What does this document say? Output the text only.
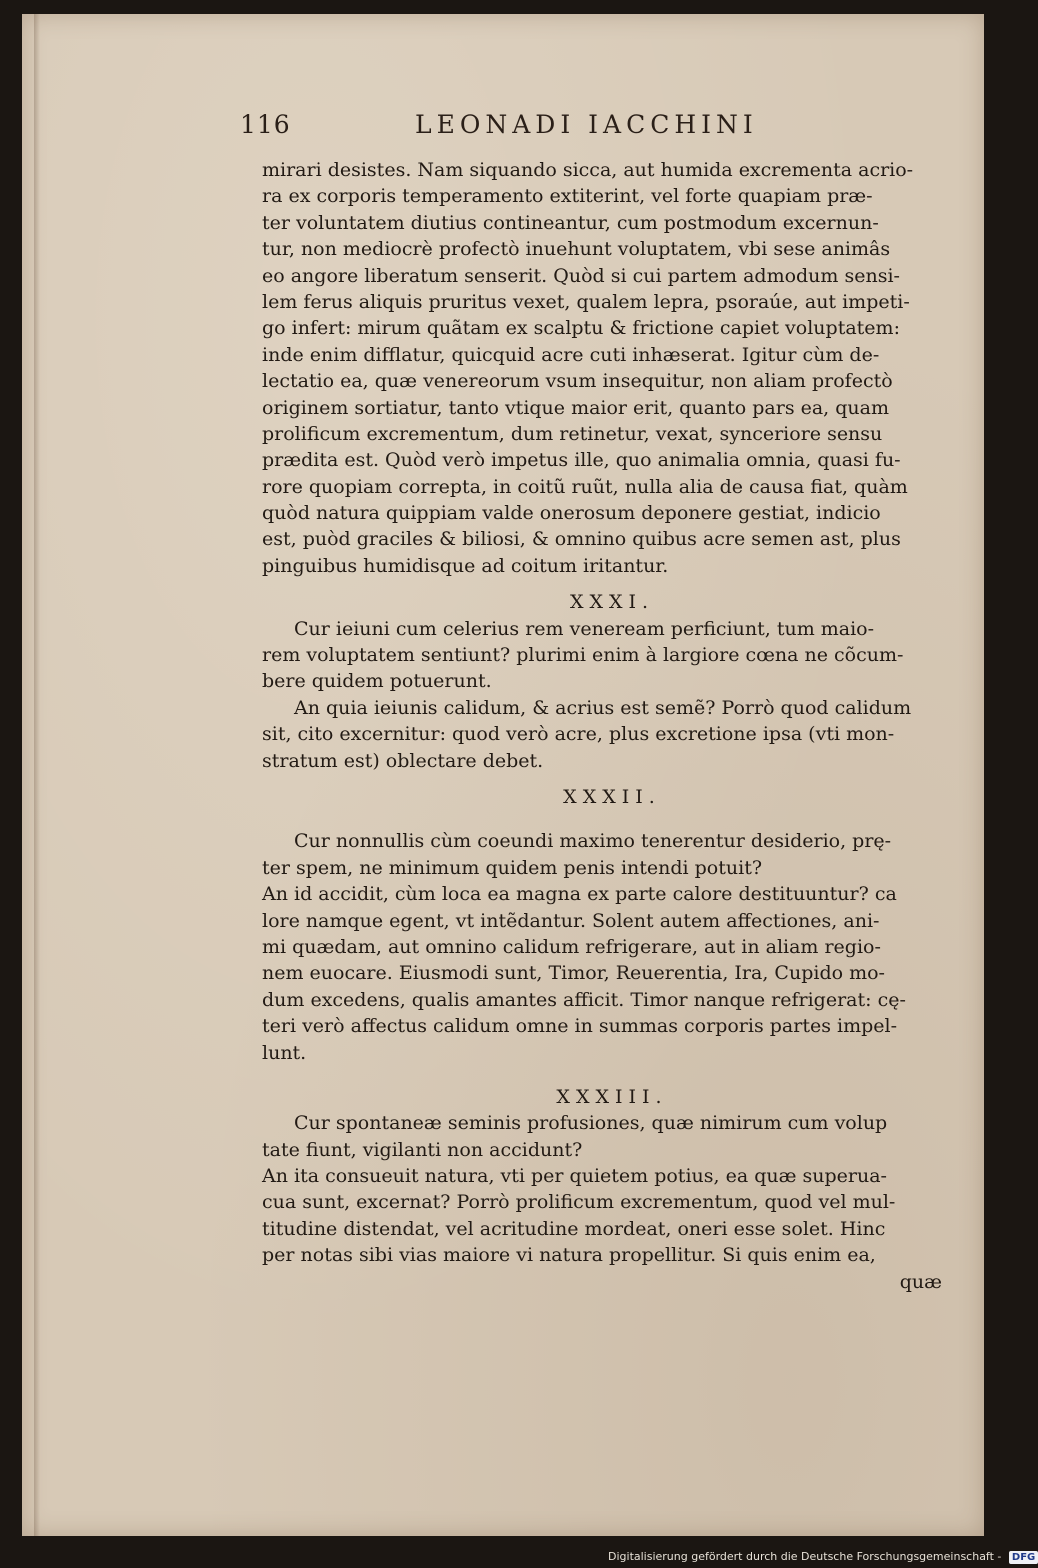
116	LEONADI IACCHINI
mirari desistes. Nam siquando sicca, aut humida excrementa acrio-
ra ex corporis temperamento extiterint, vel forte quapiam præ-
ter voluntatem diutius contineantur, cum postmodum excernun-
tur, non mediocrè profectò inuehunt voluptatem, vbi sese animâs
eo angore liberatum senserit. Quòd si cui partem admodum sensi-
lem ferus aliquis pruritus vexet, qualem lepra, psoraúe, aut impeti-
go infert: mirum quãtam ex scalptu & frictione capiet voluptatem:
inde enim difflatur, quicquid acre cuti inhæserat. Igitur cùm de-
lectatio ea, quæ venereorum vsum insequitur, non aliam profectò
originem sortiatur, tanto vtique maior erit, quanto pars ea, quam
prolificum excrementum, dum retinetur, vexat, synceriore sensu
prædita est. Quòd verò impetus ille, quo animalia omnia, quasi fu-
rore quopiam correpta, in coitũ ruũt, nulla alia de causa fiat, quàm
quòd natura quippiam valde onerosum deponere gestiat, indicio
est, puòd graciles & biliosi, & omnino quibus acre semen ast, plus
pinguibus humidisque ad coitum iritantur.
XXXI.
Cur ieiuni cum celerius rem veneream perficiunt, tum maio-
rem voluptatem sentiunt? plurimi enim à largiore cœna ne cõcum-
bere quidem potuerunt.
An quia ieiunis calidum, & acrius est semẽ? Porrò quod calidum
sit, cito excernitur: quod verò acre, plus excretione ipsa (vti mon-
stratum est) oblectare debet.
XXXII.
Cur nonnullis cùm coeundi maximo tenerentur desiderio, prę-
ter spem, ne minimum quidem penis intendi potuit?
An id accidit, cùm loca ea magna ex parte calore destituuntur? ca
lore namque egent, vt intẽdantur. Solent autem affectiones, ani-
mi quædam, aut omnino calidum refrigerare, aut in aliam regio-
nem euocare. Eiusmodi sunt, Timor, Reuerentia, Ira, Cupido mo-
dum excedens, qualis amantes afficit. Timor nanque refrigerat: cę-
teri verò affectus calidum omne in summas corporis partes impel-
lunt.
XXXIII.
Cur spontaneæ seminis profusiones, quæ nimirum cum volup
tate fiunt, vigilanti non accidunt?
An ita consueuit natura, vti per quietem potius, ea quæ superua-
cua sunt, excernat? Porrò prolificum excrementum, quod vel mul-
titudine distendat, vel acritudine mordeat, oneri esse solet. Hinc
per notas sibi vias maiore vi natura propellitur. Si quis enim ea,
quæ
Digitalisierung gefördert durch die Deutsche Forschungsgemeinschaft - DFG
